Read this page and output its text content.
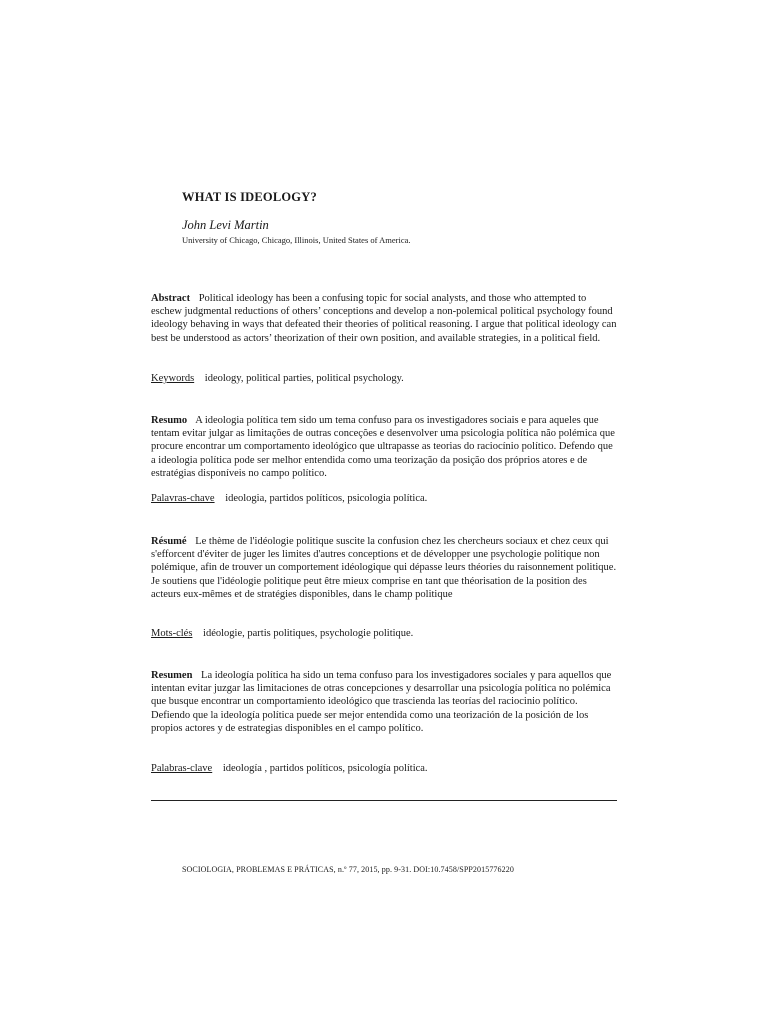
WHAT IS IDEOLOGY?
John Levi Martin
University of Chicago, Chicago, Illinois, United States of America.
Abstract Political ideology has been a confusing topic for social analysts, and those who attempted to eschew judgmental reductions of others’ conceptions and develop a non-polemical political psychology found ideology behaving in ways that defeated their theories of political reasoning. I argue that political ideology can best be understood as actors’ theorization of their own position, and available strategies, in a political field.
Keywords ideology, political parties, political psychology.
Resumo A ideologia política tem sido um tema confuso para os investigadores sociais e para aqueles que tentam evitar julgar as limitações de outras conceções e desenvolver uma psicologia política não polémica que procure encontrar um comportamento ideológico que ultrapasse as teorias do raciocínio político. Defendo que a ideologia política pode ser melhor entendida como uma teorização da posição dos próprios atores e de estratégias disponíveis no campo político.
Palavras-chave ideologia, partidos políticos, psicologia política.
Résumé Le thème de l'idéologie politique suscite la confusion chez les chercheurs sociaux et chez ceux qui s'efforcent d'éviter de juger les limites d'autres conceptions et de développer une psychologie politique non polémique, afin de trouver un comportement idéologique qui dépasse leurs théories du raisonnement politique. Je soutiens que l'idéologie politique peut être mieux comprise en tant que théorisation de la position des acteurs eux-mêmes et de stratégies disponibles, dans le champ politique
Mots-clés idéologie, partis politiques, psychologie politique.
Resumen La ideología política ha sido un tema confuso para los investigadores sociales y para aquellos que intentan evitar juzgar las limitaciones de otras concepciones y desarrollar una psicología política no polémica que busque encontrar un comportamiento ideológico que trascienda las teorías del raciocinio político. Defiendo que la ideología política puede ser mejor entendida como una teorización de la posición de los propios actores y de estrategias disponibles en el campo político.
Palabras-clave ideología , partidos políticos, psicología política.
SOCIOLOGIA, PROBLEMAS E PRÁTICAS, n.º 77, 2015, pp. 9-31. DOI:10.7458/SPP2015776220
